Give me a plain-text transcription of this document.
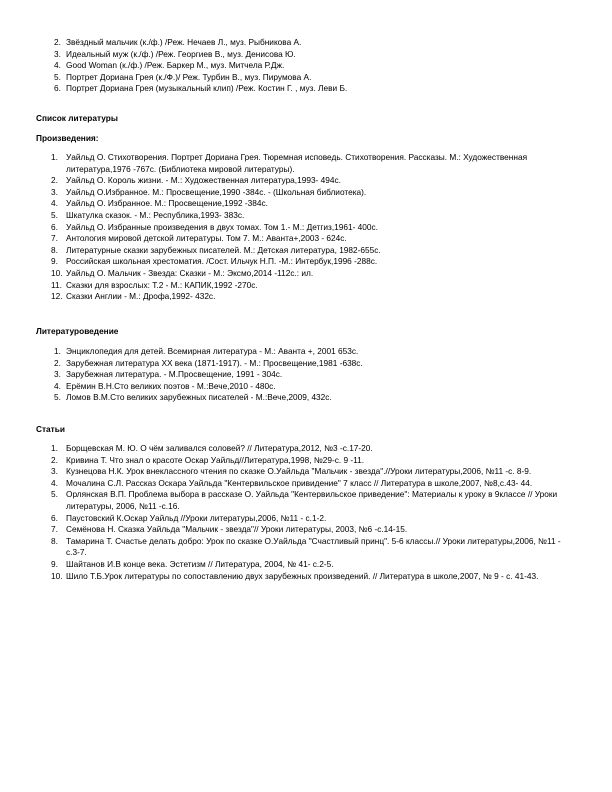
2. Звёздный мальчик (к./ф.) /Реж. Нечаев Л., муз. Рыбникова А.
3. Идеальный муж (к./ф.) /Реж. Георгиев В., муз. Денисова Ю.
4. Good Woman (к./ф.) /Реж. Баркер М., муз. Митчела Р.Дж.
5. Портрет Дориана Грея (к./Ф.)/ Реж. Турбин В., муз. Пирумова А.
6. Портрет Дориана Грея (музыкальный клип) /Реж. Костин Г. , муз. Леви Б.
Список литературы
Произведения:
1. Уайльд О. Стихотворения. Портрет Дориана Грея. Тюремная исповедь. Стихотворения. Рассказы. М.: Художественная литература,1976 -767с. (Библиотека мировой литературы).
2. Уайльд О. Король жизни. - М.: Художественная литература,1993- 494с.
3. Уайльд О.Избранное. М.: Просвещение,1990 -384с. - (Школьная библиотека).
4. Уайльд О. Избранное. М.: Просвещение,1992 -384с.
5. Шкатулка сказок. - М.: Республика,1993- 383с.
6. Уайльд О. Избранные произведения в двух томах. Том 1.- М.: Детгиз,1961- 400с.
7. Антология мировой детской литературы. Том 7. М.: Аванта+,2003 - 624с.
8. Литературные сказки зарубежных писателей. М.: Детская литература, 1982-655с.
9. Российская школьная хрестоматия. /Сост. Ильчук Н.П. -М.: Интербук,1996 -288с.
10. Уайльд О. Мальчик - Звезда: Сказки - М.: Эксмо,2014 -112с.: ил.
11. Сказки для взрослых: Т.2 - М.: КАПИК,1992 -270с.
12. Сказки Англии - М.: Дрофа,1992- 432с.
Литературоведение
1. Энциклопедия для детей. Всемирная литература - М.: Аванта +, 2001 653с.
2. Зарубежная литература XX века (1871-1917). - М.: Просвещение,1981 -638с.
3. Зарубежная литература. - М.Просвещение, 1991 - 304с.
4. Ерёмин В.Н.Сто великих поэтов - М.:Вече,2010 - 480с.
5. Ломов В.М.Сто великих зарубежных писателей - М.:Вече,2009, 432с.
Статьи
1. Борщевская М. Ю. О чём заливался соловей? // Литература,2012, №3 -с.17-20.
2. Кривина Т. Что знал о красоте Оскар Уайльд//Литература,1998, №29-с. 9 -11.
3. Кузнецова Н.К. Урок внеклассного чтения по сказке О.Уайльда "Мальчик - звезда".//Уроки литературы,2006, №11 -с. 8-9.
4. Мочалина С.Л. Рассказ Оскара Уайльда "Кентервильское привидение" 7 класс // Литература в школе,2007, №8,с.43- 44.
5. Орлянская В.П. Проблема выбора в рассказе О. Уайльда "Кентервильское приведение": Материалы к уроку в 9классе // Уроки литературы, 2006, №11 -с.16.
6. Паустовский К.Оскар Уайльд //Уроки литературы,2006, №11 - с.1-2.
7. Семёнова Н. Сказка Уайльда "Мальчик - звезда"// Уроки литературы, 2003, №6 -с.14-15.
8. Тамарина Т. Счастье делать добро: Урок по сказке О.Уайльда "Счастливый принц". 5-6 классы.// Уроки литературы,2006, №11 - с.3-7.
9. Шайтанов И.В конце века. Эстетизм // Литература, 2004, № 41- с.2-5.
10. Шило Т.Б.Урок литературы по сопоставлению двух зарубежных произведений. // Литература в школе,2007, № 9 - с. 41-43.
